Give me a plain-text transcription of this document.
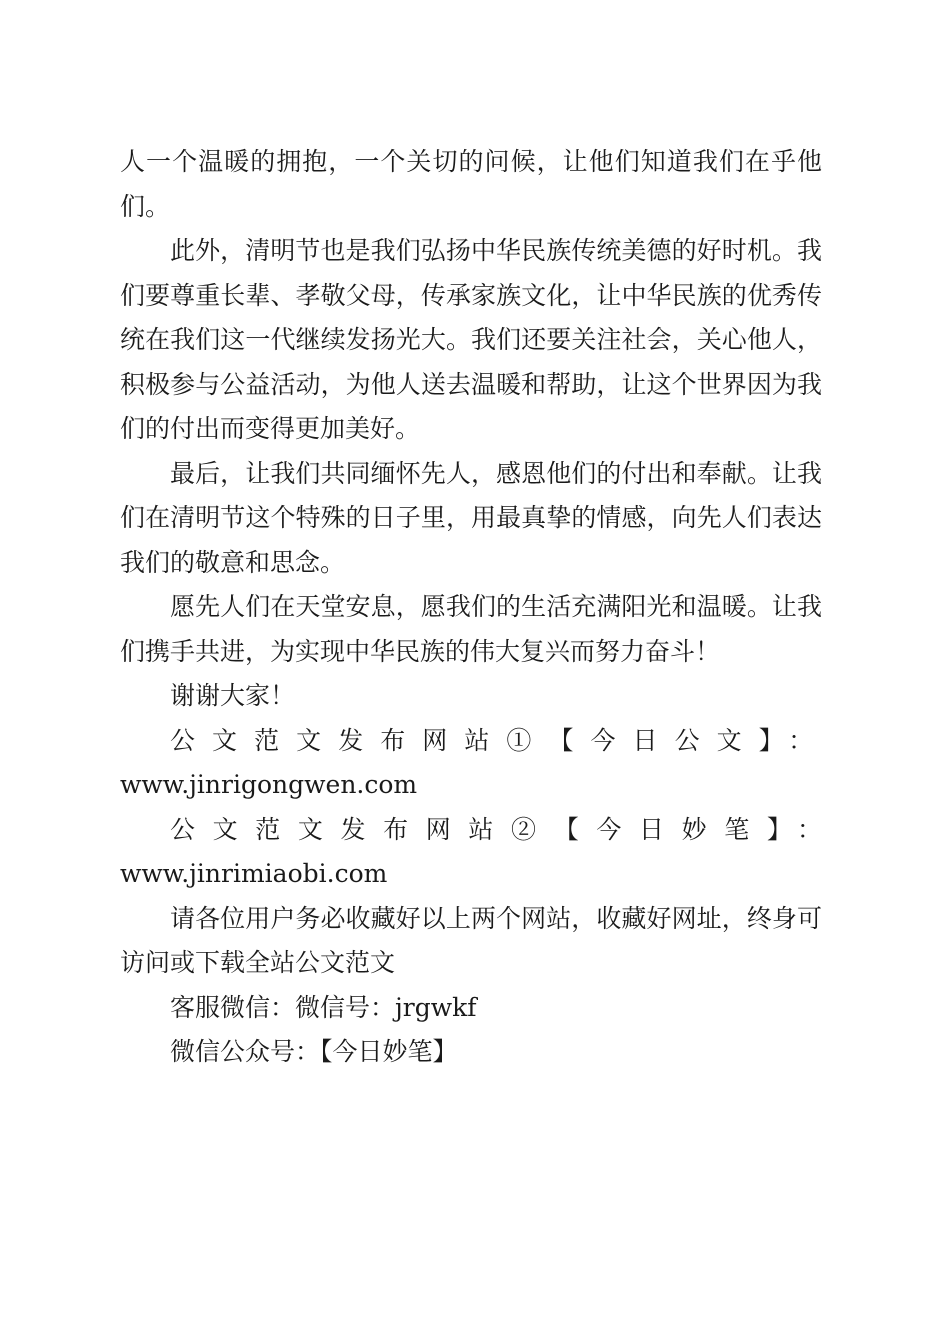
人一个温暖的拥抱，一个关切的问候，让他们知道我们在乎他们。

此外，清明节也是我们弘扬中华民族传统美德的好时机。我们要尊重长辈、孝敬父母，传承家族文化，让中华民族的优秀传统在我们这一代继续发扬光大。我们还要关注社会，关心他人，积极参与公益活动，为他人送去温暖和帮助，让这个世界因为我们的付出而变得更加美好。

最后，让我们共同缅怀先人，感恩他们的付出和奉献。让我们在清明节这个特殊的日子里，用最真挚的情感，向先人们表达我们的敬意和思念。

愿先人们在天堂安息，愿我们的生活充满阳光和温暖。让我们携手共进，为实现中华民族的伟大复兴而努力奋斗！

谢谢大家！

公文范文发布网站①【今日公文】：
www.jinrigongwen.com

公文范文发布网站②【今日妙笔】：www.jinrimiaobi.com

请各位用户务必收藏好以上两个网站，收藏好网址，终身可访问或下载全站公文范文

客服微信：微信号：jrgwkf

微信公众号：【今日妙笔】
